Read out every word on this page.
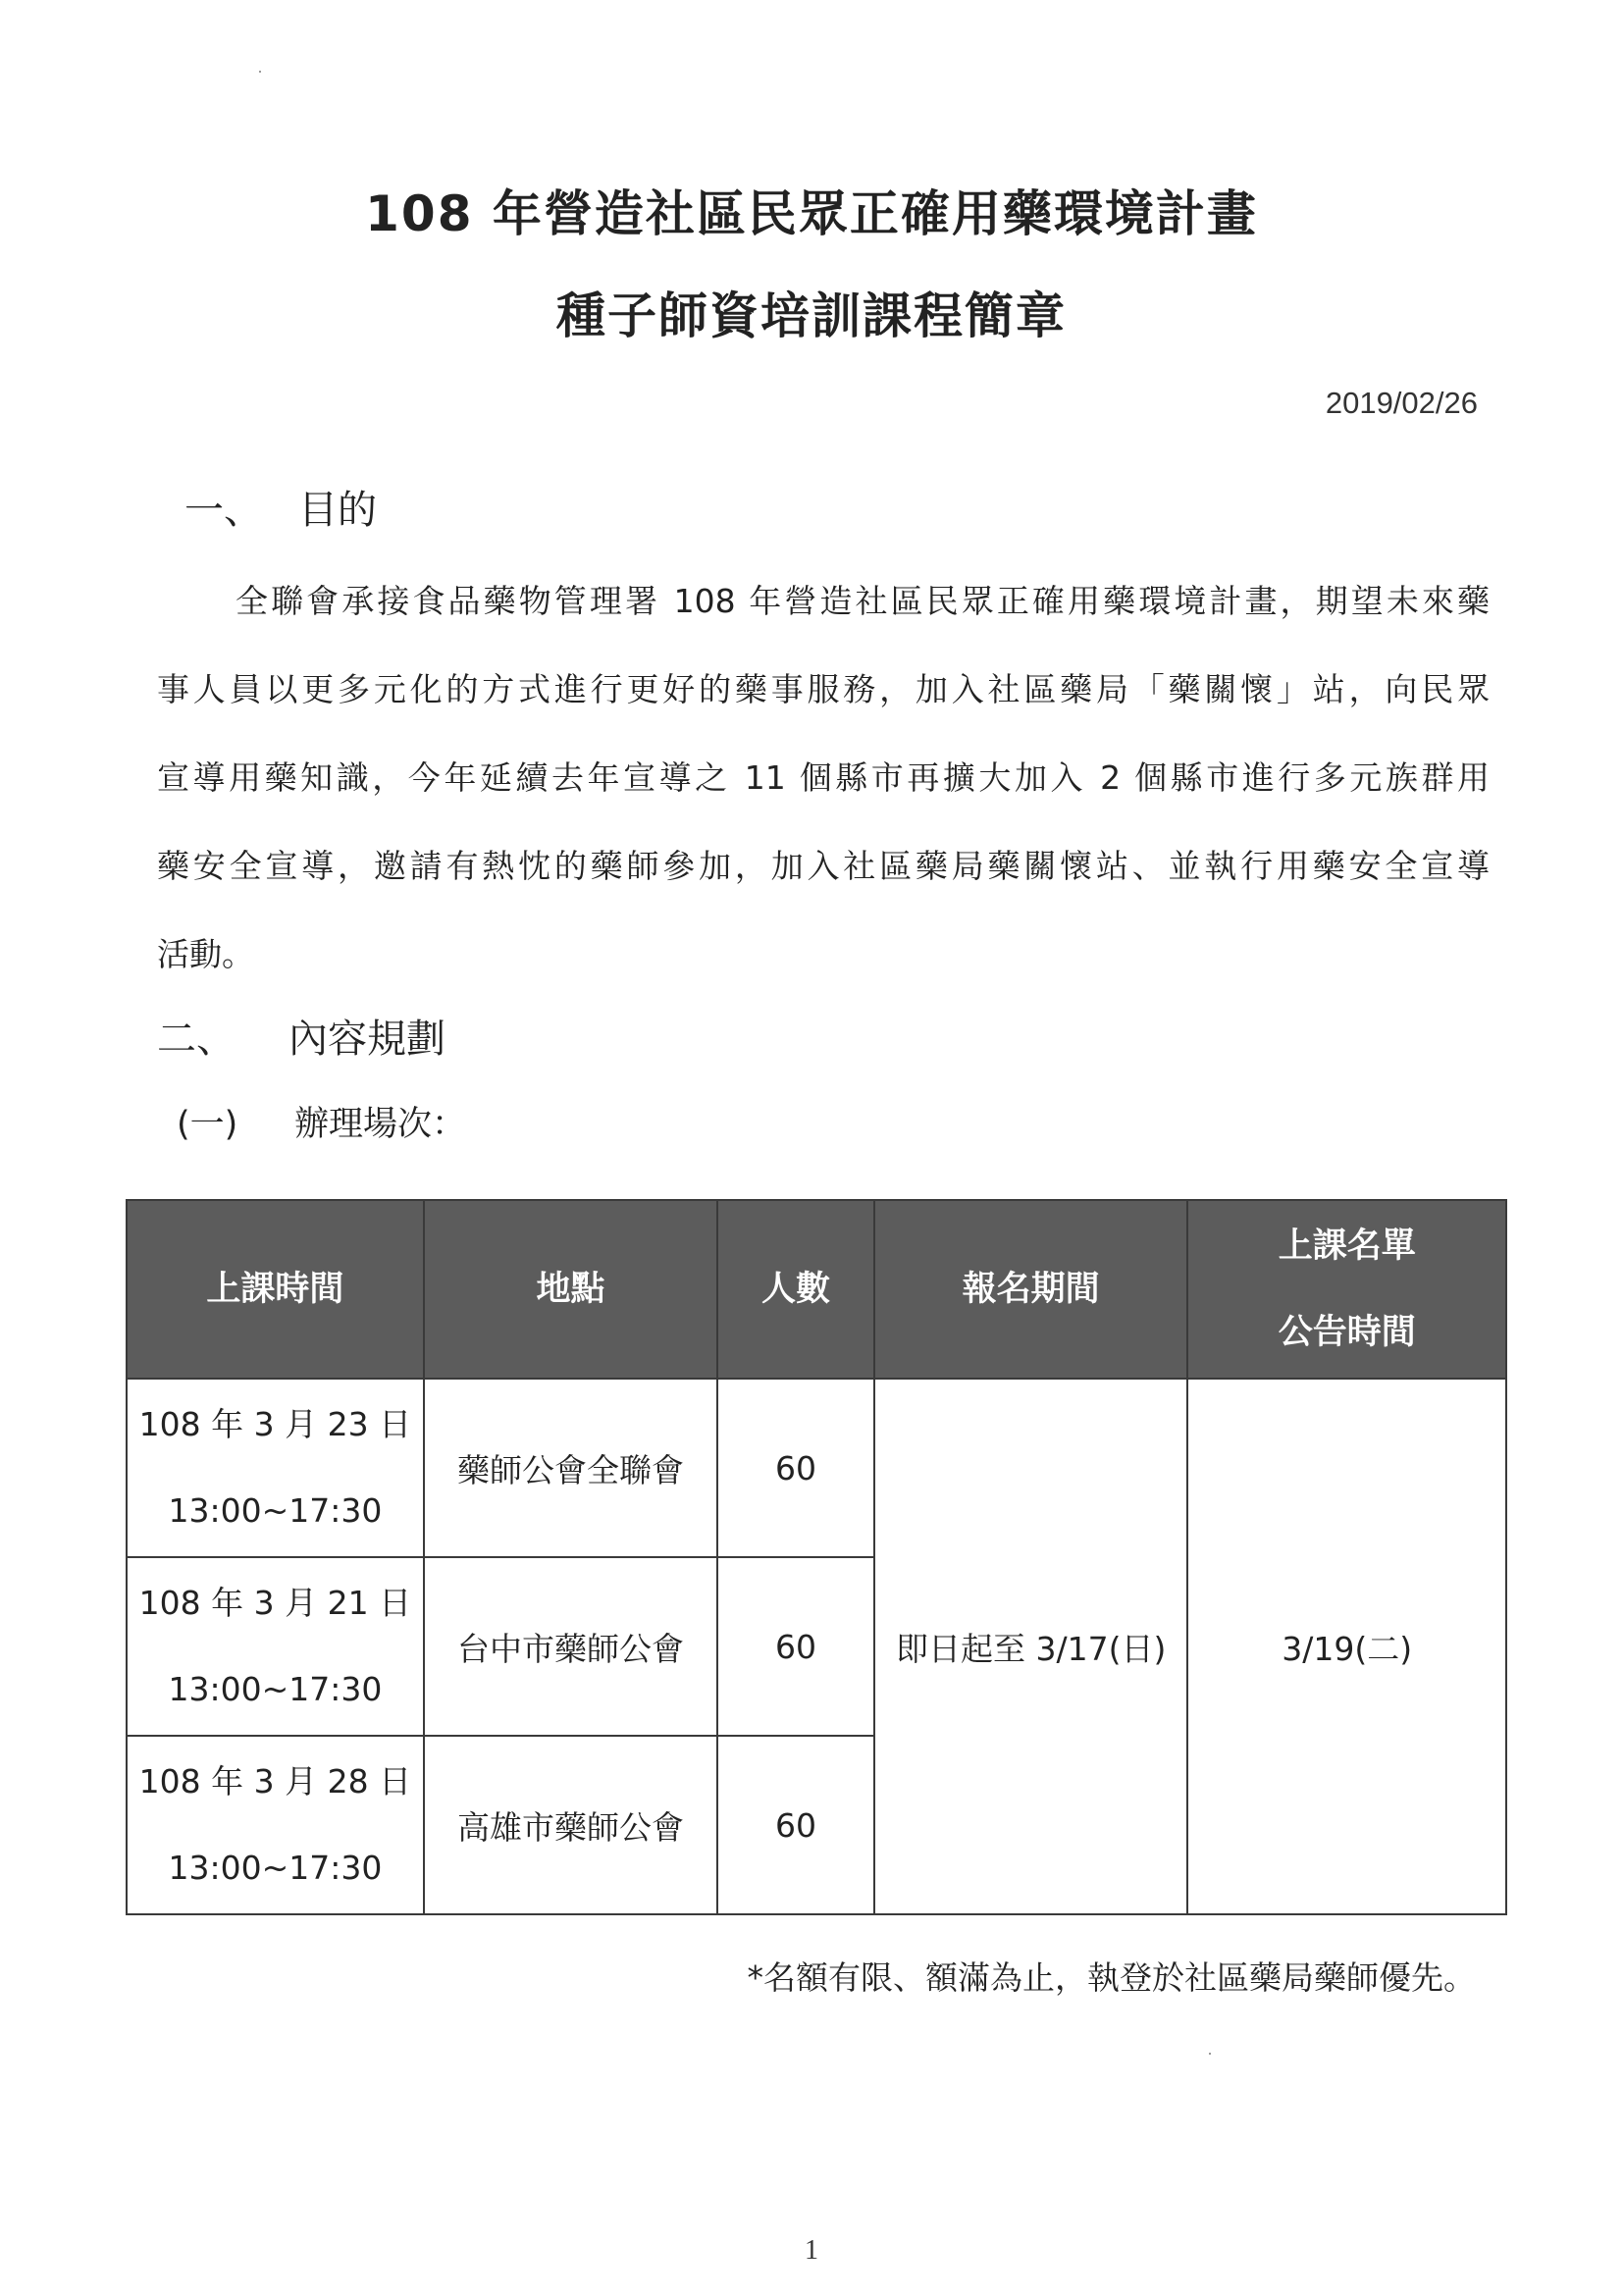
108 年營造社區民眾正確用藥環境計畫
種子師資培訓課程簡章
2019/02/26
一、 目的
全聯會承接食品藥物管理署 108 年營造社區民眾正確用藥環境計畫，期望未來藥
事人員以更多元化的方式進行更好的藥事服務，加入社區藥局「藥關懷」站，向民眾
宣導用藥知識，今年延續去年宣導之 11 個縣市再擴大加入 2 個縣市進行多元族群用
藥安全宣導，邀請有熱忱的藥師參加，加入社區藥局藥關懷站、並執行用藥安全宣導
活動。
二、 內容規劃
(一) 辦理場次：
上課時間	地點	人數	報名期間	上課名單
公告時間

108 年 3 月 23 日
13:00~17:30	藥師公會全聯會	60	即日起至 3/17(日)	3/19(二)

108 年 3 月 21 日
13:00~17:30	台中市藥師公會	60		

108 年 3 月 28 日
13:00~17:30	高雄市藥師公會	60		
*名額有限、額滿為止，執登於社區藥局藥師優先。
1
